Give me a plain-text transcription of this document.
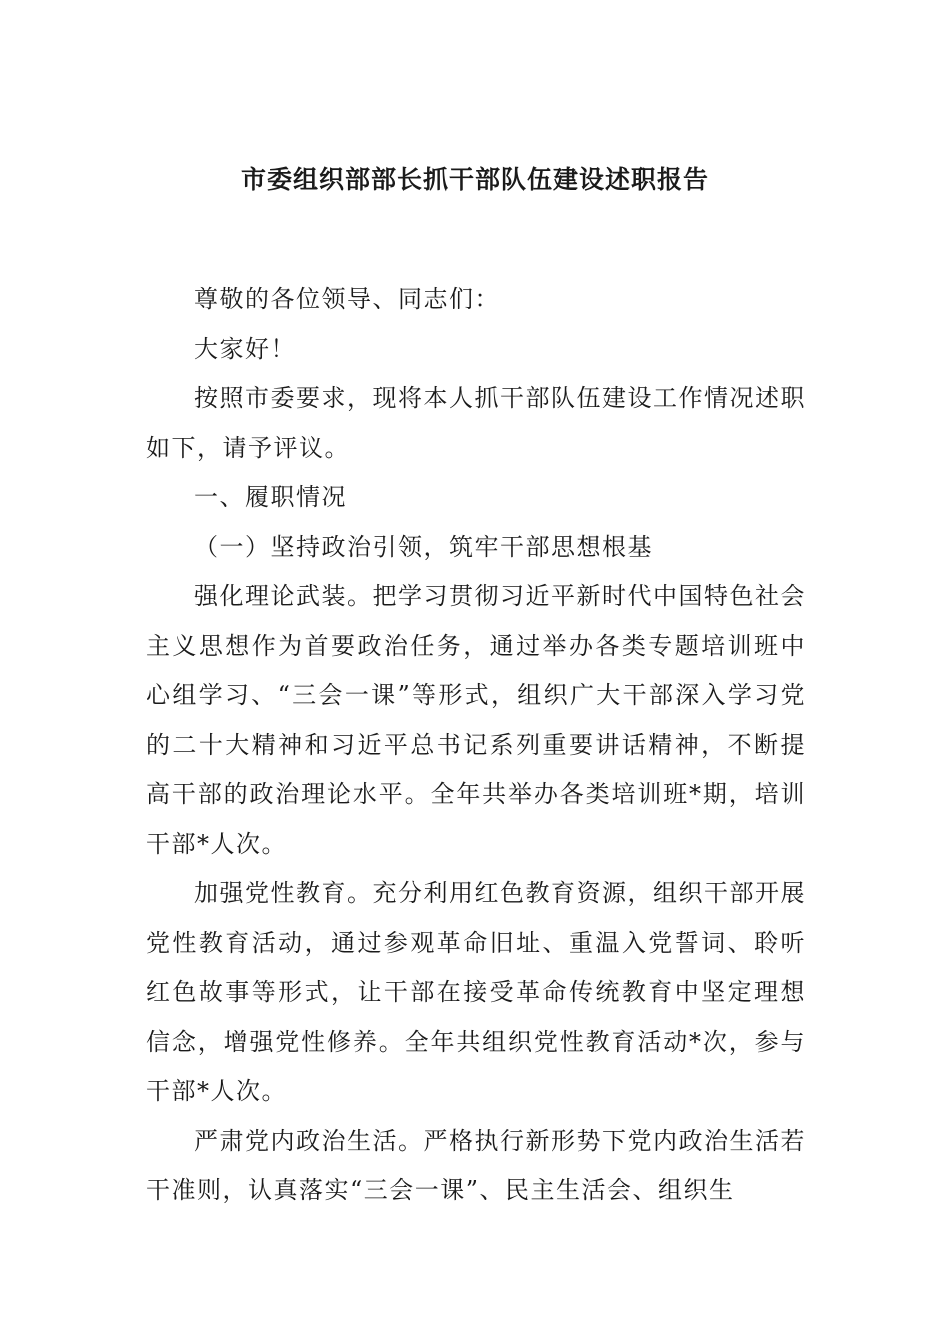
市委组织部部长抓干部队伍建设述职报告

尊敬的各位领导、同志们：

大家好！

按照市委要求，现将本人抓干部队伍建设工作情况述职如下，请予评议。

一、履职情况

（一）坚持政治引领，筑牢干部思想根基

强化理论武装。把学习贯彻习近平新时代中国特色社会主义思想作为首要政治任务，通过举办各类专题培训班中心组学习、“三会一课”等形式，组织广大干部深入学习党的二十大精神和习近平总书记系列重要讲话精神，不断提高干部的政治理论水平。全年共举办各类培训班*期，培训干部*人次。

加强党性教育。充分利用红色教育资源，组织干部开展党性教育活动，通过参观革命旧址、重温入党誓词、聆听红色故事等形式，让干部在接受革命传统教育中坚定理想信念，增强党性修养。全年共组织党性教育活动*次，参与干部*人次。

严肃党内政治生活。严格执行新形势下党内政治生活若干准则，认真落实“三会一课”、民主生活会、组织生
